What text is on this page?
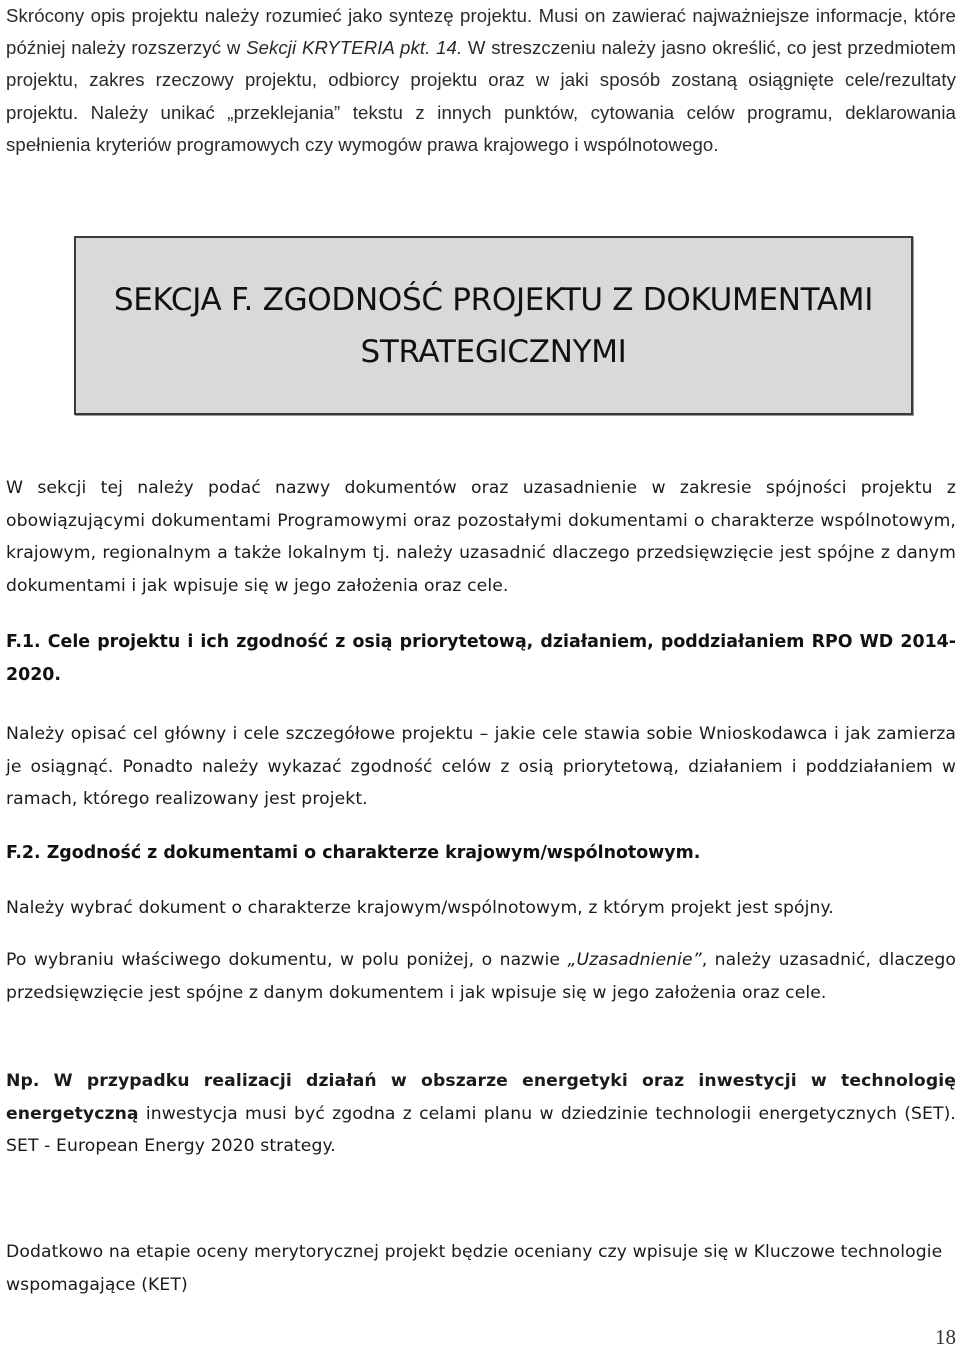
Skrócony opis projektu należy rozumieć jako syntezę projektu. Musi on zawierać najważniejsze informacje, które później należy rozszerzyć w Sekcji KRYTERIA pkt. 14. W streszczeniu należy jasno określić, co jest przedmiotem projektu, zakres rzeczowy projektu, odbiorcy projektu oraz w jaki sposób zostaną osiągnięte cele/rezultaty projektu. Należy unikać „przeklejania” tekstu z innych punktów, cytowania celów programu, deklarowania spełnienia kryteriów programowych czy wymogów prawa krajowego i wspólnotowego.

SEKCJA F. ZGODNOŚĆ PROJEKTU Z DOKUMENTAMI
STRATEGICZNYMI

W sekcji tej należy podać nazwy dokumentów oraz uzasadnienie w zakresie spójności projektu z obowiązującymi dokumentami Programowymi oraz pozostałymi dokumentami o charakterze wspólnotowym, krajowym, regionalnym a także lokalnym tj. należy uzasadnić dlaczego przedsięwzięcie jest spójne z danym dokumentami i jak wpisuje się w jego założenia oraz cele.

F.1. Cele projektu i ich zgodność z osią priorytetową, działaniem, poddziałaniem RPO WD 2014-2020.

Należy opisać cel główny i cele szczegółowe projektu – jakie cele stawia sobie Wnioskodawca i jak zamierza je osiągnąć. Ponadto należy wykazać zgodność celów z osią priorytetową, działaniem i poddziałaniem w ramach, którego realizowany jest projekt.

F.2. Zgodność z dokumentami o charakterze krajowym/wspólnotowym.

Należy wybrać dokument o charakterze krajowym/wspólnotowym, z którym projekt jest spójny.

Po wybraniu właściwego dokumentu, w polu poniżej, o nazwie „Uzasadnienie”, należy uzasadnić, dlaczego przedsięwzięcie jest spójne z danym dokumentem i jak wpisuje się w jego założenia oraz cele.

Np. W przypadku realizacji działań w obszarze energetyki oraz inwestycji w technologię energetyczną inwestycja musi być zgodna z celami planu w dziedzinie technologii energetycznych (SET). SET - European Energy 2020 strategy.

Dodatkowo na etapie oceny merytorycznej projekt będzie oceniany czy wpisuje się w Kluczowe technologie wspomagające (KET)

18
